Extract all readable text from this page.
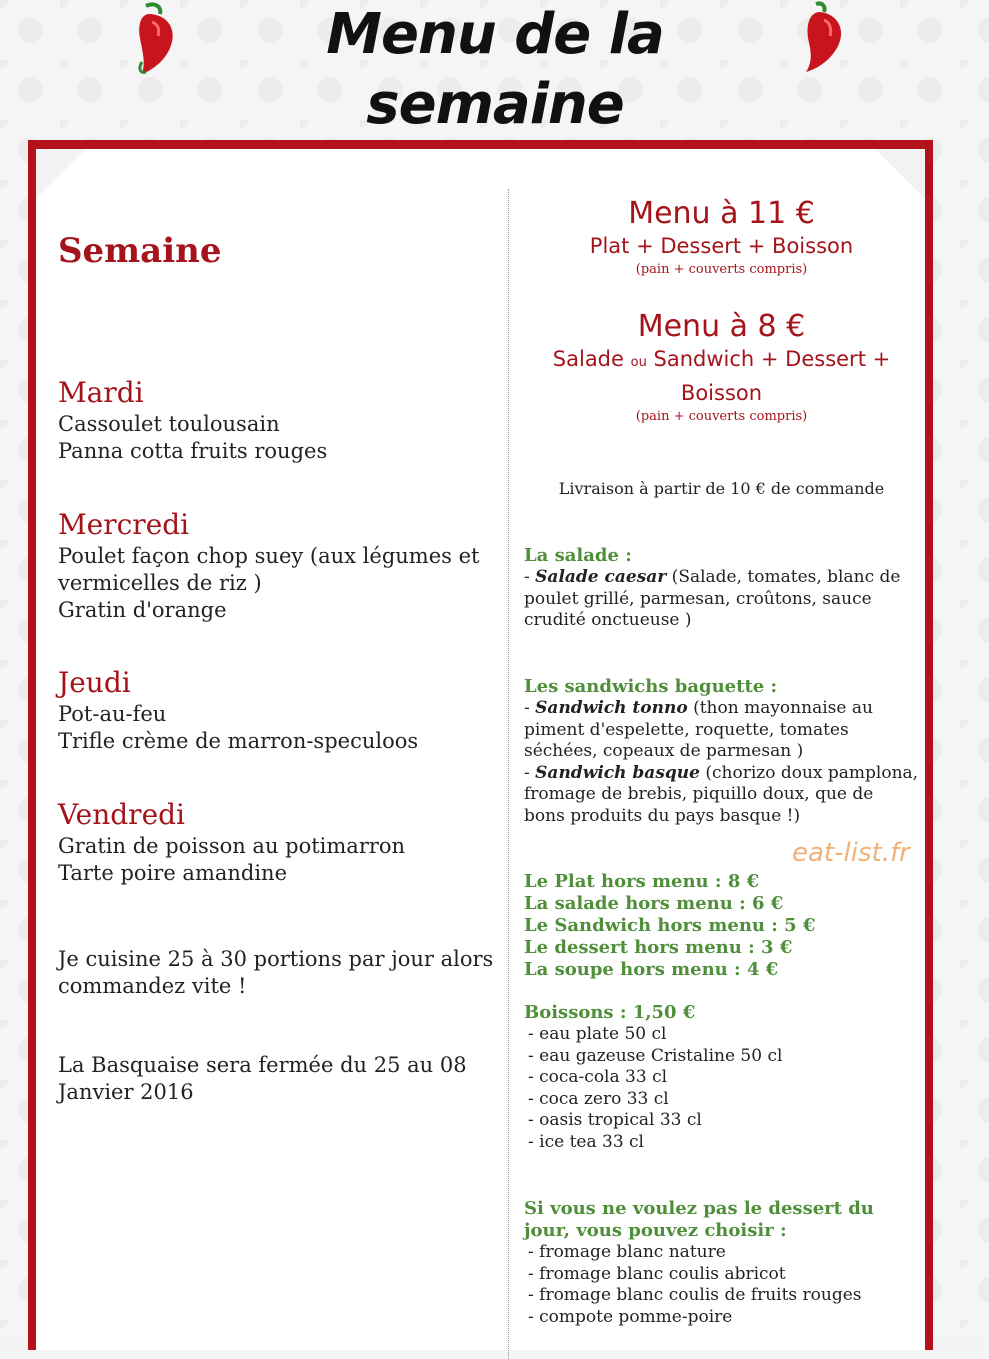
Menu de la semaine
Semaine
Mardi
Cassoulet toulousain
Panna cotta fruits rouges
Mercredi
Poulet façon chop suey (aux légumes et vermicelles de riz )
Gratin d'orange
Jeudi
Pot-au-feu
Trifle crème de marron-speculoos
Vendredi
Gratin de poisson au potimarron
Tarte poire amandine
Je cuisine 25 à 30 portions par jour alors commandez vite !
La Basquaise sera fermée du 25 au 08 Janvier 2016
Menu à 11 €
Plat + Dessert + Boisson
(pain + couverts compris)
Menu à 8 €
Salade ou Sandwich + Dessert + Boisson
(pain + couverts compris)
Livraison à partir de 10 € de commande
La salade :
- Salade caesar (Salade, tomates, blanc de poulet grillé, parmesan, croûtons, sauce crudité onctueuse )
Les sandwichs baguette :
- Sandwich tonno (thon mayonnaise au piment d'espelette, roquette, tomates séchées, copeaux de parmesan )
- Sandwich basque (chorizo doux pamplona, fromage de brebis, piquillo doux, que de bons produits du pays basque !)
Le Plat hors menu : 8 €
La salade hors menu : 6 €
Le Sandwich hors menu : 5 €
Le dessert hors menu : 3 €
La soupe hors menu : 4 €
Boissons : 1,50 €
- eau plate 50 cl
- eau gazeuse Cristaline 50 cl
- coca-cola 33 cl
- coca zero 33 cl
- oasis tropical 33 cl
- ice tea 33 cl
Si vous ne voulez pas le dessert du jour, vous pouvez choisir :
- fromage blanc nature
- fromage blanc coulis abricot
- fromage blanc coulis de fruits rouges
- compote pomme-poire
eat-list.fr
